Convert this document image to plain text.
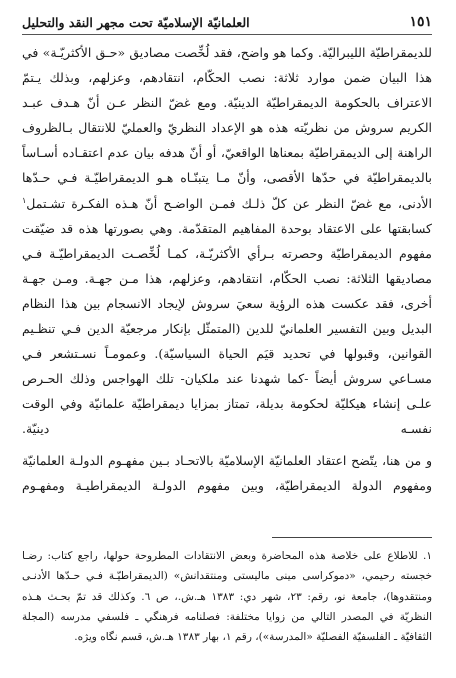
١٥١
العلمانيّة الإسلاميّة تحت مجهر النقد والتحليل

للديمقراطيّة الليبراليّة. وكما هو واضح، فقد لُخِّصت مصاديق «حـق الأكثريّـة» في هذا البيان ضمن موارد ثلاثة: نصب الحكّام، انتقادهم، وعزلهم، وبذلك يـتمّ الاعتراف بالحكومة الديمقراطيّة الدينيّة. ومع غضّ النظر عـن أنّ هـدف عبـد الكريم سروش من نظريّته هذه هو الإعداد النظريّ والعمليّ للانتقال بـالظروف الراهنة إلى الديمقراطيّة بمعناها الواقعيّ، أو أنّ هدفه بيان عدم اعتقـاده أسـاساً بالديمقراطيّة في حدّها الأقصى، وأنّ مـا يتبنّـاه هـو الديمقراطيّـة فـي حـدّها الأدنى، مع غضّ النظر عن كلّ ذلـك فمـن الواضـح أنّ هـذه الفكـرة تشـتمل$^١$ كسابقتها على الاعتقاد بوحدة المفاهيم المتقدّمة. وهي بصورتها هذه قد ضيّقت مفهوم الديمقراطيّة وحصرته بـرأي الأكثريّـة، كمـا لُخِّصـت الديمقراطيّـة فـي مصاديقها الثلاثة: نصب الحكّام، انتقادهم، وعزلهم، هذا مـن جهـة. ومـن جهـة أخرى، فقد عكست هذه الرؤية سعيَ سروش لإيجاد الانسجام بين هذا النظام البديل وبين التفسير العلمانيّ للدين (المتمثّل بإنكار مرجعيّة الدين فـي تنظـيم القوانين، وقبولها في تحديد قيَم الحياة السياسيّة). وعمومـاً نسـتشعر فـي مسـاعي سروش أيضاً -كما شهدنا عند ملكيان- تلك الهواجس وذلك الحـرص علـى إنشاء هيكليّة لحكومة بديلة، تمتاز بمزايا ديمقراطيّة علمانيّة وفي الوقت نفسـه دينيّة.

و من هنا، يتّضح اعتقاد العلمانيّة الإسلاميّة بالاتحـاد بـين مفهـوم الدولـة العلمانيّة ومفهوم الدولة الديمقراطيّة، وبين مفهوم الدولـة الديمقراطيـة ومفهـوم

١. للاطلاع على خلاصة هذه المحاضرة وبعض الانتقادات المطروحة حولها، راجع كتاب: رضـا خجسته رحيمي، «دموكراسى مينى ماليستى ومنتقدانش» (الديمقراطيّـة فـي حـدّها الأدنـى ومنتقدوها)، جامعة نو، رقم: ٢٣، شهر دي: ١٣٨٣ هـ.ش.، ص ٦. وكذلك قد تمّ بحـث هـذه النظريّة في المصدر التالي من زوايا مختلفة: فصلنامه فرهنگي ـ فلسفي مدرسه (المجلة الثقافيّة ـ الفلسفيّة الفصليّة «المدرسة»)، رقم ١، بهار ١٣٨٣ هـ.ش، قسم نگاه ويژه.
